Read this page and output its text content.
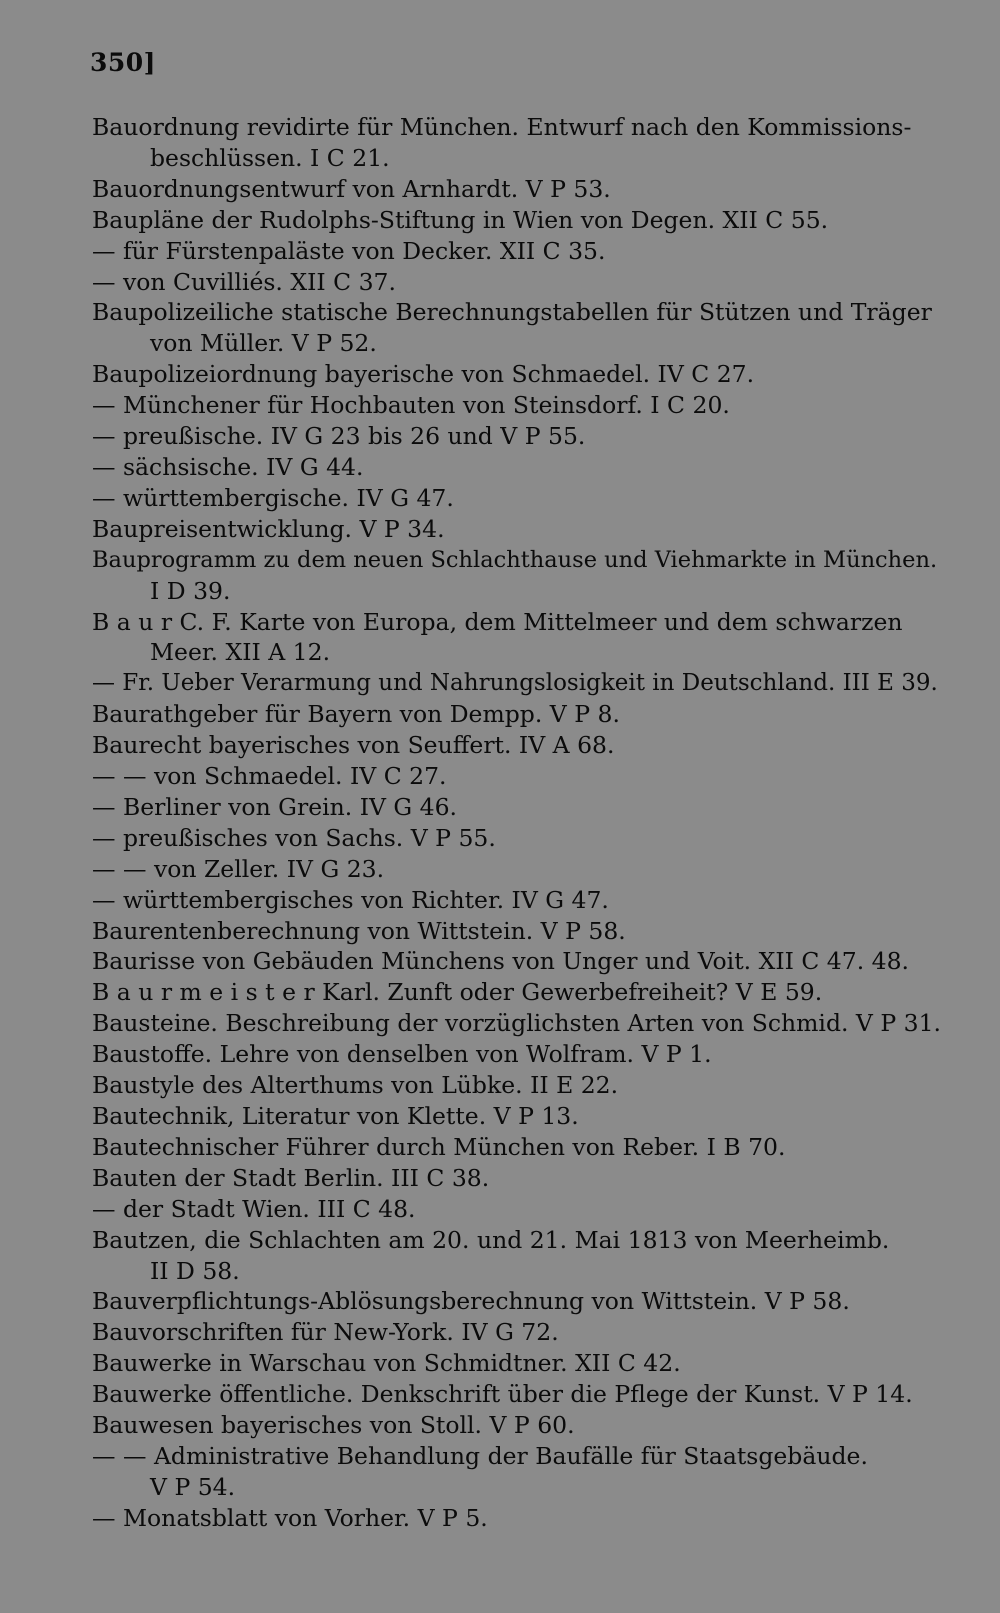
350]
Bauordnung revidirte für München. Entwurf nach den Kommissions-
beschlüssen. I C 21.
Bauordnungsentwurf von Arnhardt. V P 53.
Baupläne der Rudolphs-Stiftung in Wien von Degen. XII C 55.
— für Fürstenpaläste von Decker. XII C 35.
— von Cuvilliés. XII C 37.
Baupolizeiliche statische Berechnungstabellen für Stützen und Träger
von Müller. V P 52.
Baupolizeiordnung bayerische von Schmaedel. IV C 27.
— Münchener für Hochbauten von Steinsdorf. I C 20.
— preußische. IV G 23 bis 26 und V P 55.
— sächsische. IV G 44.
— württembergische. IV G 47.
Baupreisentwicklung. V P 34.
Bauprogramm zu dem neuen Schlachthause und Viehmarkte in München.
I D 39.
B a u r C. F. Karte von Europa, dem Mittelmeer und dem schwarzen
Meer. XII A 12.
— Fr. Ueber Verarmung und Nahrungslosigkeit in Deutschland. III E 39.
Baurathgeber für Bayern von Dempp. V P 8.
Baurecht bayerisches von Seuffert. IV A 68.
— — von Schmaedel. IV C 27.
— Berliner von Grein. IV G 46.
— preußisches von Sachs. V P 55.
— — von Zeller. IV G 23.
— württembergisches von Richter. IV G 47.
Baurentenberechnung von Wittstein. V P 58.
Baurisse von Gebäuden Münchens von Unger und Voit. XII C 47. 48.
B a u r m e i s t e r Karl. Zunft oder Gewerbefreiheit? V E 59.
Bausteine. Beschreibung der vorzüglichsten Arten von Schmid. V P 31.
Baustoffe. Lehre von denselben von Wolfram. V P 1.
Baustyle des Alterthums von Lübke. II E 22.
Bautechnik, Literatur von Klette. V P 13.
Bautechnischer Führer durch München von Reber. I B 70.
Bauten der Stadt Berlin. III C 38.
— der Stadt Wien. III C 48.
Bautzen, die Schlachten am 20. und 21. Mai 1813 von Meerheimb.
II D 58.
Bauverpflichtungs-Ablösungsberechnung von Wittstein. V P 58.
Bauvorschriften für New-York. IV G 72.
Bauwerke in Warschau von Schmidtner. XII C 42.
Bauwerke öffentliche. Denkschrift über die Pflege der Kunst. V P 14.
Bauwesen bayerisches von Stoll. V P 60.
— — Administrative Behandlung der Baufälle für Staatsgebäude.
V P 54.
— Monatsblatt von Vorher. V P 5.
